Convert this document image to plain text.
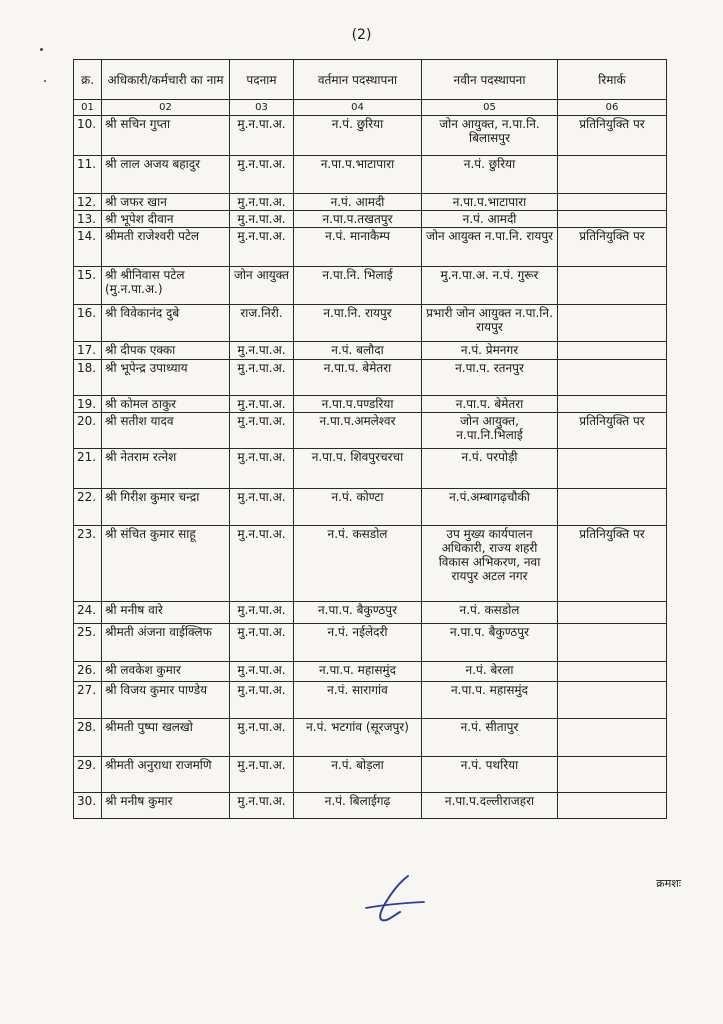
(2)
क्र.	अधिकारी/कर्मचारी का नाम	पदनाम	वर्तमान पदस्थापना	नवीन पदस्थापना	रिमार्क
01	02	03	04	05	06
10.	श्री सचिन गुप्ता	मु.न.पा.अ.	न.पं. छुरिया	जोन आयुक्त, न.पा.नि. बिलासपुर	प्रतिनियुक्ति पर
11.	श्री लाल अजय बहादुर	मु.न.पा.अ.	न.पा.प.भाटापारा	न.पं. छुरिया	
12.	श्री जफर खान	मु.न.पा.अ.	न.पं. आमदी	न.पा.प.भाटापारा	
13.	श्री भूपेश दीवान	मु.न.पा.अ.	न.पा.प.तखतपुर	न.पं. आमदी	
14.	श्रीमती राजेश्वरी पटेल	मु.न.पा.अ.	न.पं. मानाकैम्प	जोन आयुक्त न.पा.नि. रायपुर	प्रतिनियुक्ति पर
15.	श्री श्रीनिवास पटेल (मु.न.पा.अ.)	जोन आयुक्त	न.पा.नि. भिलाई	मु.न.पा.अ. न.पं. गुरूर	
16.	श्री विवेकानंद दुबे	राज.निरी.	न.पा.नि. रायपुर	प्रभारी जोन आयुक्त न.पा.नि. रायपुर	
17.	श्री दीपक एक्का	मु.न.पा.अ.	न.पं. बलौदा	न.पं. प्रेमनगर	
18.	श्री भूपेन्द्र उपाध्याय	मु.न.पा.अ.	न.पा.प. बेमेतरा	न.पा.प. रतनपुर	
19.	श्री कोमल ठाकुर	मु.न.पा.अ.	न.पा.प.पण्डरिया	न.पा.प. बेमेतरा	
20.	श्री सतीश यादव	मु.न.पा.अ.	न.पा.प.अमलेश्वर	जोन आयुक्त, न.पा.नि.भिलाई	प्रतिनियुक्ति पर
21.	श्री नेतराम रत्नेश	मु.न.पा.अ.	न.पा.प. शिवपुरचरचा	न.पं. परपोड़ी	
22.	श्री गिरीश कुमार चन्द्रा	मु.न.पा.अ.	न.पं. कोण्टा	न.पं.अम्बागढ़चौकी	
23.	श्री संचित कुमार साहू	मु.न.पा.अ.	न.पं. कसडोल	उप मुख्य कार्यपालन अधिकारी, राज्य शहरी विकास अभिकरण, नवा रायपुर अटल नगर	प्रतिनियुक्ति पर
24.	श्री मनीष वारे	मु.न.पा.अ.	न.पा.प. बैकुण्ठपुर	न.पं. कसडोल	
25.	श्रीमती अंजना वाईक्लिफ	मु.न.पा.अ.	न.पं. नईलेदरी	न.पा.प. बैकुण्ठपुर	
26.	श्री लवकेश कुमार	मु.न.पा.अ.	न.पा.प. महासमुंद	न.पं. बेरला	
27.	श्री विजय कुमार पाण्डेय	मु.न.पा.अ.	न.पं. सारागांव	न.पा.प. महासमुंद	
28.	श्रीमती पुष्पा खलखो	मु.न.पा.अ.	न.पं. भटगांव (सूरजपुर)	न.पं. सीतापुर	
29.	श्रीमती अनुराधा राजमणि	मु.न.पा.अ.	न.पं. बोड़ला	न.पं. पथरिया	
30.	श्री मनीष कुमार	मु.न.पा.अ.	न.पं. बिलाईगढ़	न.पा.प.दल्लीराजहरा	
क्रमशः
